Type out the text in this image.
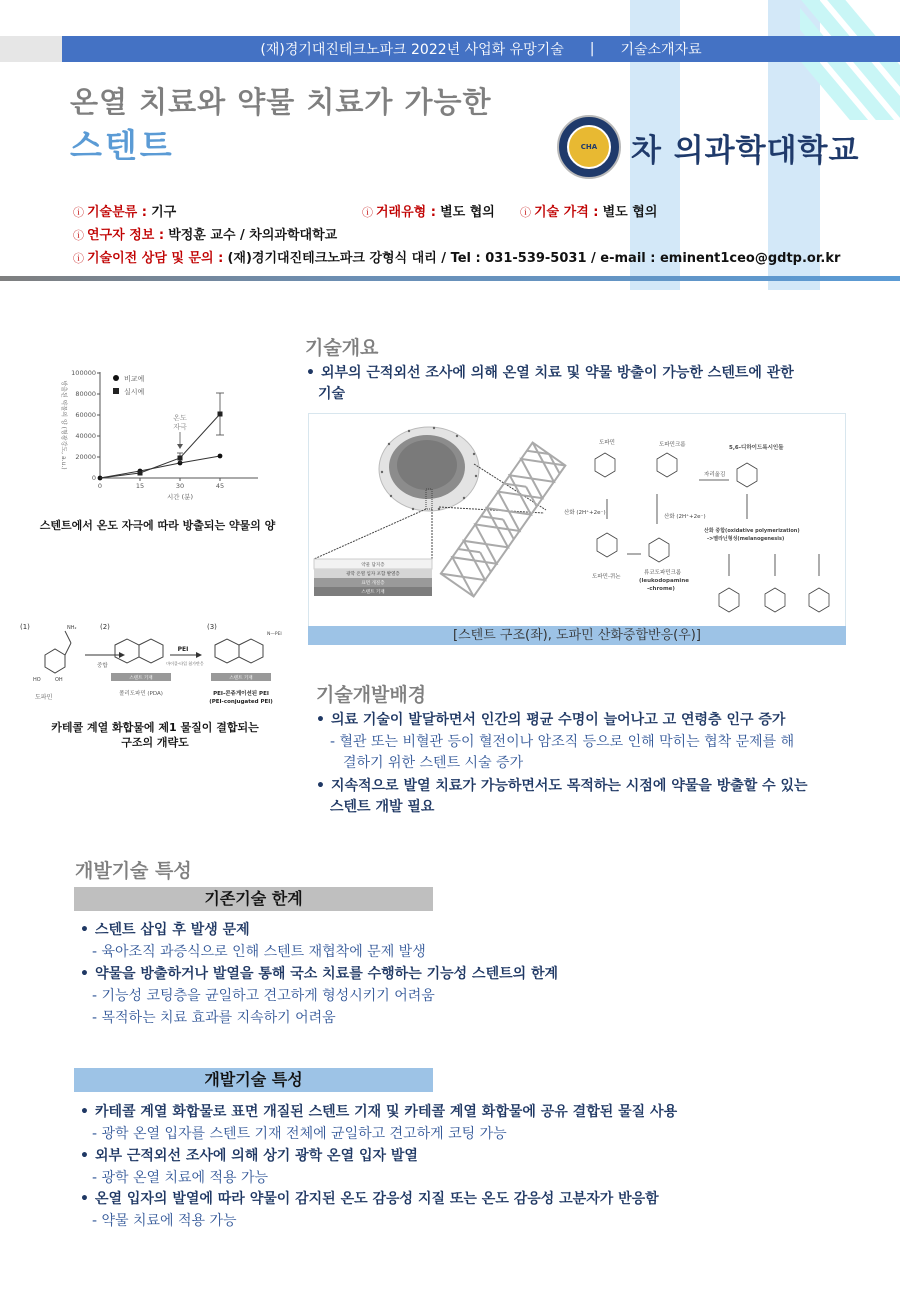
(재)경기대진테크노파크 2022년 사업화 유망기술 | 기술소개자료
온열 치료와 약물 치료가 가능한
스텐트	CHA	차 의과학대학교
ⓘ 기술분류 : 기구	ⓘ 거래유형 : 별도 협의 ⓘ 기술 가격 : 별도 협의
ⓘ 연구자 정보 : 박정훈 교수 / 차의과학대학교
ⓘ 기술이전 상담 및 문의 : (재)경기대진테크노파크 강형식 대리 / Tel : 031-539-5031 / e-mail : eminent1ceo@gdtp.or.kr
0
20000
40000
60000
80000
100000
0	15	30	45
시간 (분)
방출된 약물의 양 (형광강도, a.u.)
비교예
실시예
온도
자극
스텐트에서 온도 자극에 따라 방출되는 약물의 양
(1)	(2)	(3)
NH₂
HO	OH
도파민
중합
스텐트 기재
폴리도파민 (PDA)
PEI
마이클-타입 첨가반응
N—PEI
스텐트 기재
PEI-콘쥬게이션된 PEI
(PEI-conjugated PEI)
카테콜 계열 화합물에 제1 물질이 결합되는
구조의 개략도
기술개요
• 외부의 근적외선 조사에 의해 온열 치료 및 약물 방출이 가능한 스텐트에 관한
기술
약물 담지층
광학 온열 입자 포함 발열층
표면 개질층
스텐트 기재
도파민	도파민크롬	5,6-디하이드록시인돌
자리옮김
산화 (2H⁺+2e⁻)
산화 (2H⁺+2e⁻)
도파민-퀴논
류코도파민크롬
(leukodopamine
-chrome)
산화 중합(oxidative polymerization)
->멜라닌형성(melanogenesis)
[스텐트 구조(좌), 도파민 산화중합반응(우)]
기술개발배경
• 의료 기술이 발달하면서 인간의 평균 수명이 늘어나고 고 연령층 인구 증가
- 혈관 또는 비혈관 등이 혈전이나 암조직 등으로 인해 막히는 협착 문제를 해
결하기 위한 스텐트 시술 증가
• 지속적으로 발열 치료가 가능하면서도 목적하는 시점에 약물을 방출할 수 있는
스텐트 개발 필요
개발기술 특성
기존기술 한계
• 스텐트 삽입 후 발생 문제
- 육아조직 과증식으로 인해 스텐트 재협착에 문제 발생
• 약물을 방출하거나 발열을 통해 국소 치료를 수행하는 기능성 스텐트의 한계
- 기능성 코팅층을 균일하고 견고하게 형성시키기 어려움
- 목적하는 치료 효과를 지속하기 어려움
개발기술 특성
• 카테콜 계열 화합물로 표면 개질된 스텐트 기재 및 카테콜 계열 화합물에 공유 결합된 물질 사용
- 광학 온열 입자를 스텐트 기재 전체에 균일하고 견고하게 코팅 가능
• 외부 근적외선 조사에 의해 상기 광학 온열 입자 발열
- 광학 온열 치료에 적용 가능
• 온열 입자의 발열에 따라 약물이 감지된 온도 감응성 지질 또는 온도 감응성 고분자가 반응함
- 약물 치료에 적용 가능
